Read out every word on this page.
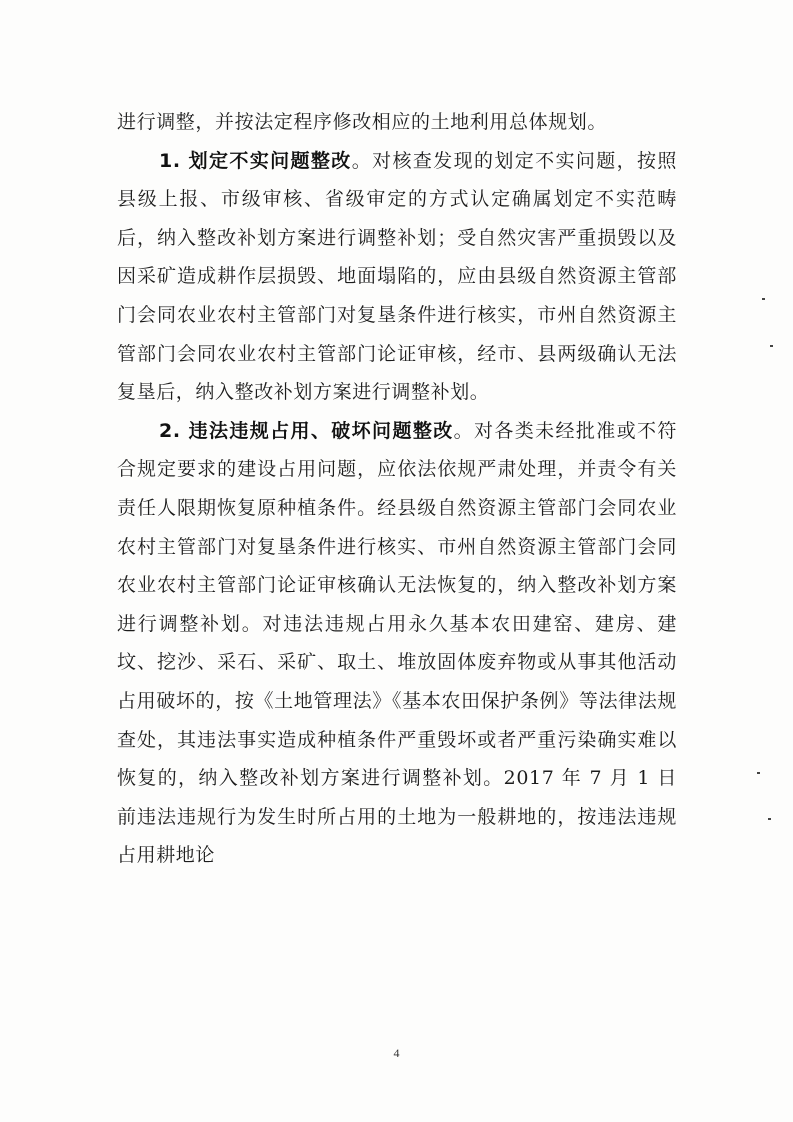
进行调整，并按法定程序修改相应的土地利用总体规划。

1. 划定不实问题整改。对核查发现的划定不实问题，按照县级上报、市级审核、省级审定的方式认定确属划定不实范畴后，纳入整改补划方案进行调整补划；受自然灾害严重损毁以及因采矿造成耕作层损毁、地面塌陷的，应由县级自然资源主管部门会同农业农村主管部门对复垦条件进行核实，市州自然资源主管部门会同农业农村主管部门论证审核，经市、县两级确认无法复垦后，纳入整改补划方案进行调整补划。

2. 违法违规占用、破坏问题整改。对各类未经批准或不符合规定要求的建设占用问题，应依法依规严肃处理，并责令有关责任人限期恢复原种植条件。经县级自然资源主管部门会同农业农村主管部门对复垦条件进行核实、市州自然资源主管部门会同农业农村主管部门论证审核确认无法恢复的，纳入整改补划方案进行调整补划。对违法违规占用永久基本农田建窑、建房、建坟、挖沙、采石、采矿、取土、堆放固体废弃物或从事其他活动占用破坏的，按《土地管理法》《基本农田保护条例》等法律法规查处，其违法事实造成种植条件严重毁坏或者严重污染确实难以恢复的，纳入整改补划方案进行调整补划。2017 年 7 月 1 日前违法违规行为发生时所占用的土地为一般耕地的，按违法违规占用耕地论

4
